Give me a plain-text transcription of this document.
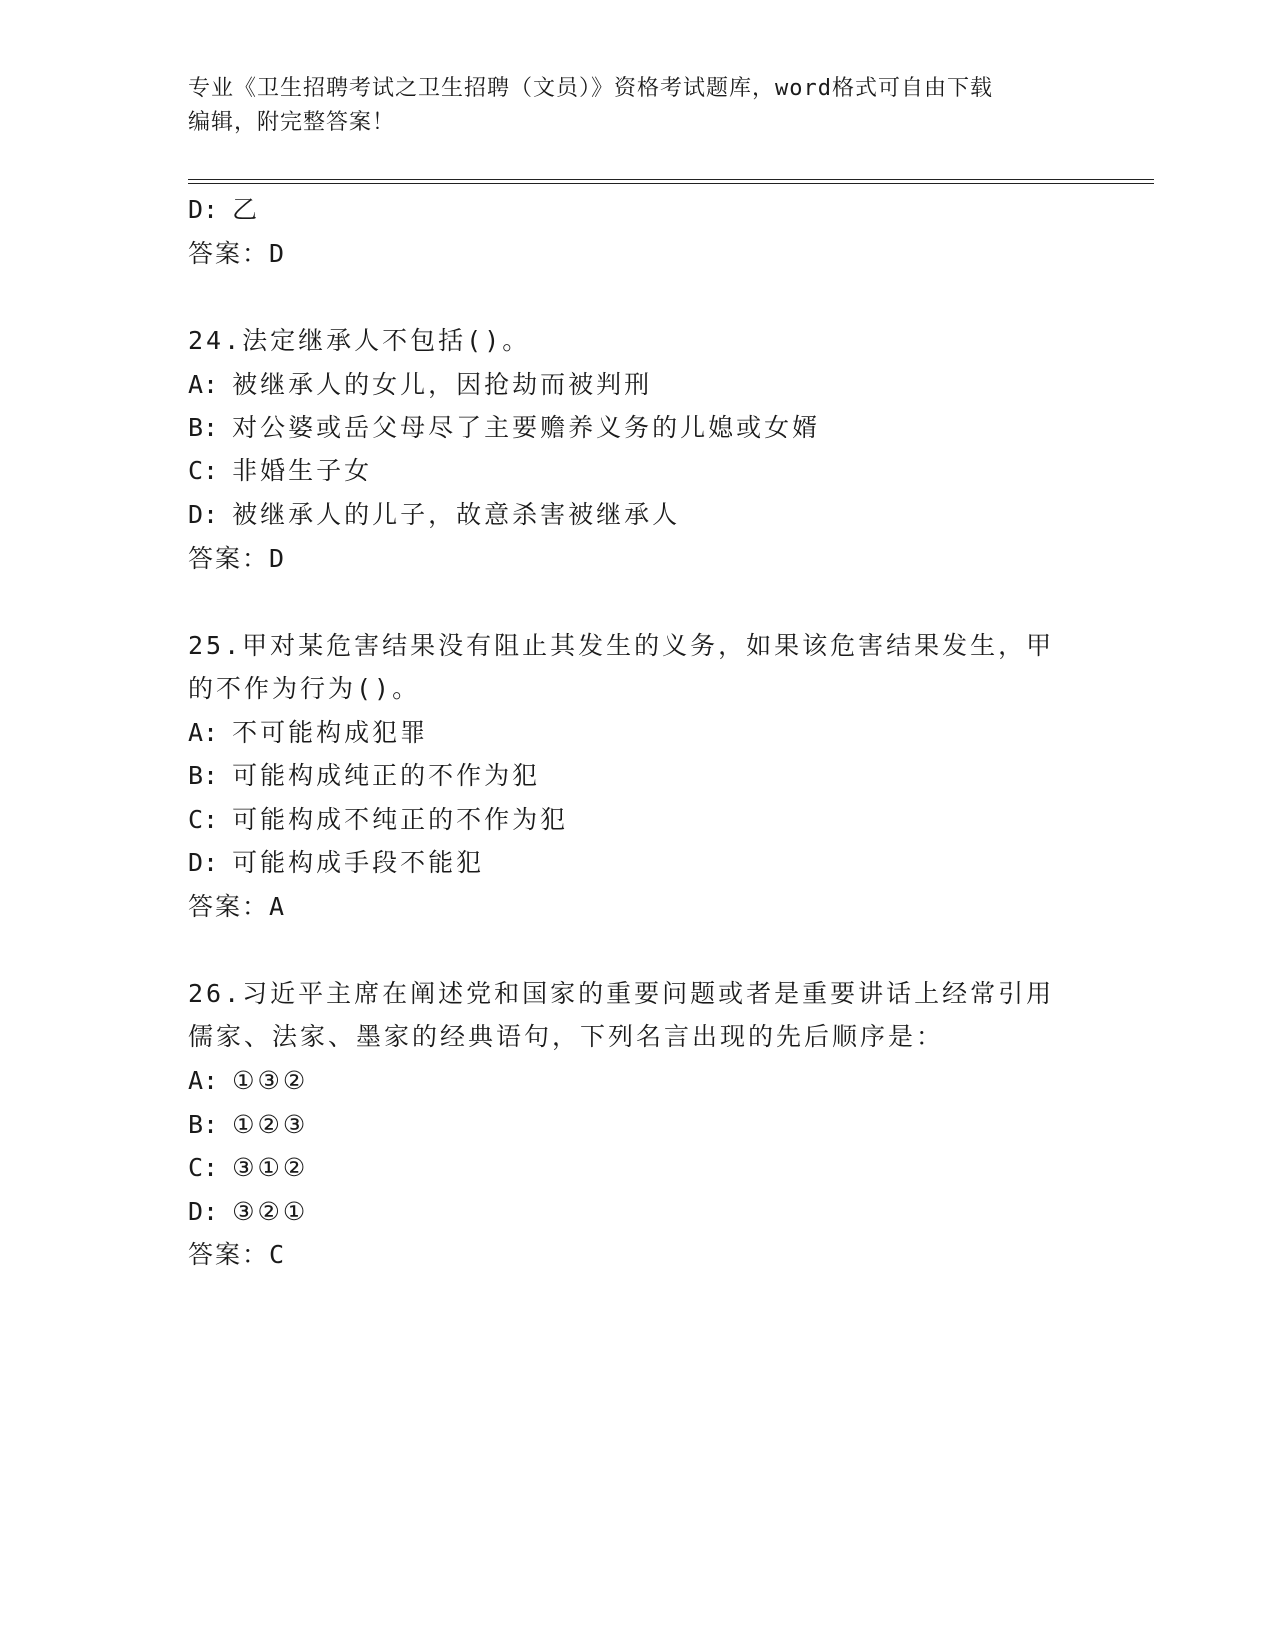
专业《卫生招聘考试之卫生招聘（文员）》资格考试题库，word格式可自由下载
编辑，附完整答案！
D: 乙
答案：D
24.法定继承人不包括()。
A: 被继承人的女儿，因抢劫而被判刑
B: 对公婆或岳父母尽了主要赡养义务的儿媳或女婿
C: 非婚生子女
D: 被继承人的儿子，故意杀害被继承人
答案：D
25.甲对某危害结果没有阻止其发生的义务，如果该危害结果发生，甲
的不作为行为()。
A: 不可能构成犯罪
B: 可能构成纯正的不作为犯
C: 可能构成不纯正的不作为犯
D: 可能构成手段不能犯
答案：A
26.习近平主席在阐述党和国家的重要问题或者是重要讲话上经常引用
儒家、法家、墨家的经典语句，下列名言出现的先后顺序是：
A: ①③②
B: ①②③
C: ③①②
D: ③②①
答案：C
